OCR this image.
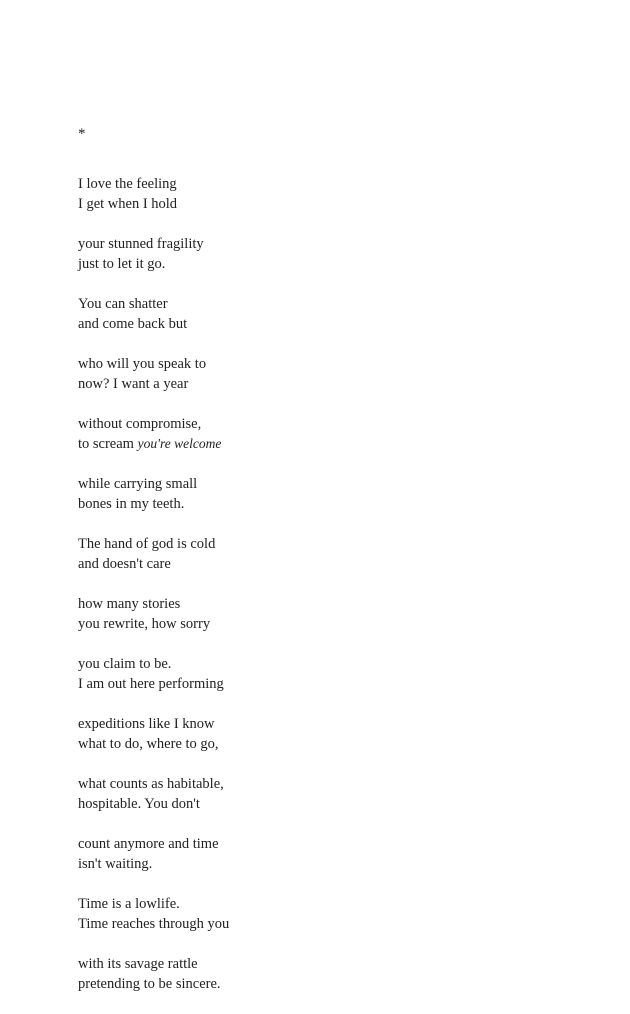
*
I love the feeling
I get when I hold
your stunned fragility
just to let it go.
You can shatter
and come back but
who will you speak to
now? I want a year
without compromise,
to scream you're welcome
while carrying small
bones in my teeth.
The hand of god is cold
and doesn't care
how many stories
you rewrite, how sorry
you claim to be.
I am out here performing
expeditions like I know
what to do, where to go,
what counts as habitable,
hospitable. You don't
count anymore and time
isn't waiting.
Time is a lowlife.
Time reaches through you
with its savage rattle
pretending to be sincere.
